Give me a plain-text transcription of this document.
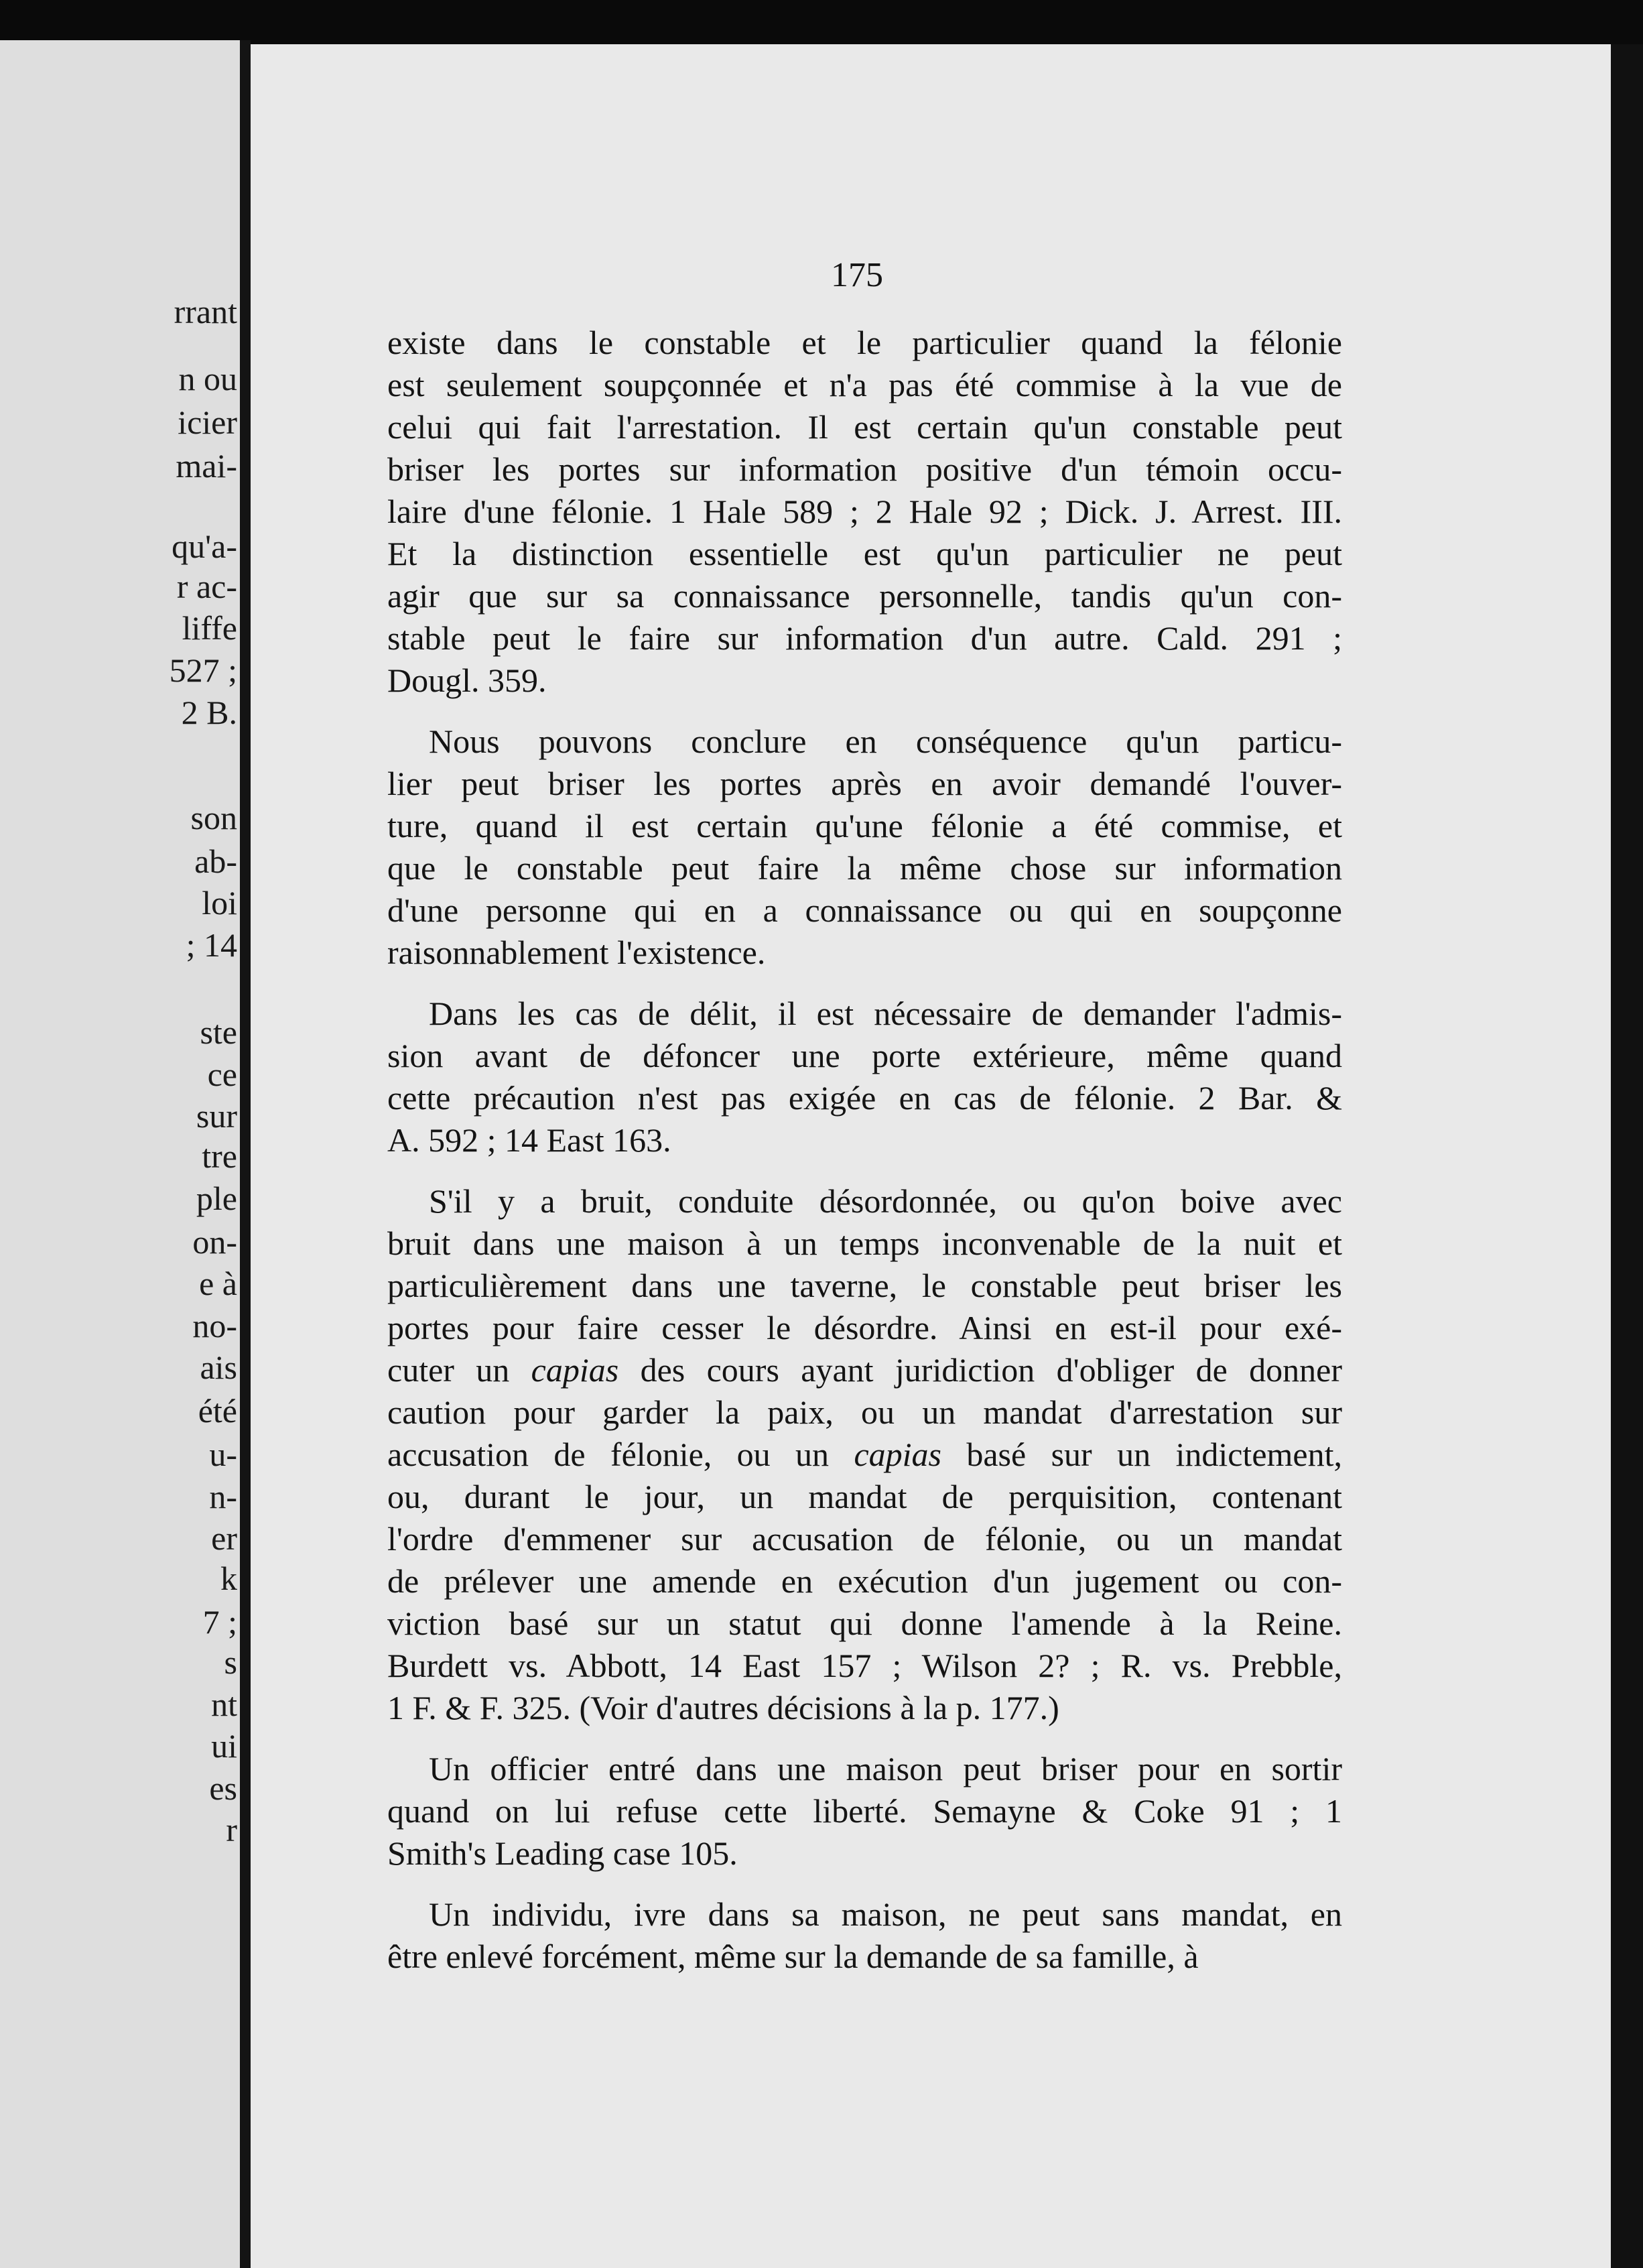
rrant
n ou
icier
mai-
qu'a-
r ac-
liffe
527 ;
2 B.
son
ab-
loi
; 14
ste
ce
sur
tre
ple
on-
e à
no-
ais
été
u-
n-
er
k
7 ;
s
nt
ui
es
r
175
existe dans le constable et le particulier quand la félonie
est seulement soupçonnée et n'a pas été commise à la vue de
celui qui fait l'arrestation. Il est certain qu'un constable peut
briser les portes sur information positive d'un témoin occu-
laire d'une félonie. 1 Hale 589 ; 2 Hale 92 ; Dick. J. Arrest. III.
Et la distinction essentielle est qu'un particulier ne peut
agir que sur sa connaissance personnelle, tandis qu'un con-
stable peut le faire sur information d'un autre. Cald. 291 ;
Dougl. 359.
Nous pouvons conclure en conséquence qu'un particu-
lier peut briser les portes après en avoir demandé l'ouver-
ture, quand il est certain qu'une félonie a été commise, et
que le constable peut faire la même chose sur information
d'une personne qui en a connaissance ou qui en soupçonne
raisonnablement l'existence.
Dans les cas de délit, il est nécessaire de demander l'admis-
sion avant de défoncer une porte extérieure, même quand
cette précaution n'est pas exigée en cas de félonie. 2 Bar. &
A. 592 ; 14 East 163.
S'il y a bruit, conduite désordonnée, ou qu'on boive avec
bruit dans une maison à un temps inconvenable de la nuit et
particulièrement dans une taverne, le constable peut briser les
portes pour faire cesser le désordre. Ainsi en est-il pour exé-
cuter un capias des cours ayant juridiction d'obliger de donner
caution pour garder la paix, ou un mandat d'arrestation sur
accusation de félonie, ou un capias basé sur un indictement,
ou, durant le jour, un mandat de perquisition, contenant
l'ordre d'emmener sur accusation de félonie, ou un mandat
de prélever une amende en exécution d'un jugement ou con-
viction basé sur un statut qui donne l'amende à la Reine.
Burdett vs. Abbott, 14 East 157 ; Wilson 2? ; R. vs. Prebble,
1 F. & F. 325. (Voir d'autres décisions à la p. 177.)
Un officier entré dans une maison peut briser pour en sortir
quand on lui refuse cette liberté. Semayne & Coke 91 ; 1
Smith's Leading case 105.
Un individu, ivre dans sa maison, ne peut sans mandat, en
être enlevé forcément, même sur la demande de sa famille, à
